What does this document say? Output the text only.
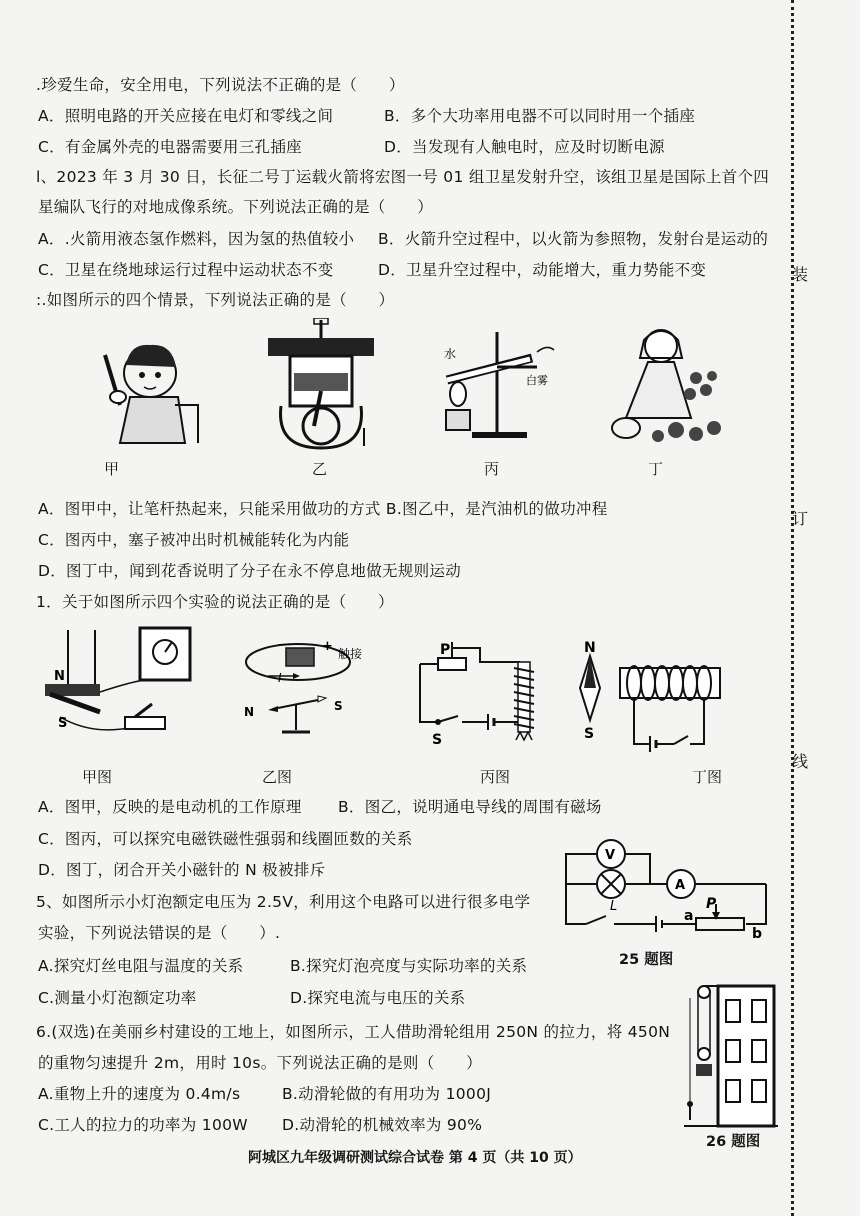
装
订
线
.珍爱生命，安全用电，下列说法不正确的是（　　）
A．照明电路的开关应接在电灯和零线之间	B．多个大功率用电器不可以同时用一个插座
C．有金属外壳的电器需要用三孔插座	D．当发现有人触电时，应及时切断电源
l、2023 年 3 月 30 日，长征二号丁运载火箭将宏图一号 01 组卫星发射升空，该组卫星是国际上首个四
星编队飞行的对地成像系统。下列说法正确的是（　　）
A．.火箭用液态氢作燃料，因为氢的热值较小 B．火箭升空过程中，以火箭为参照物，发射台是运动的
C．卫星在绕地球运行过程中运动状态不变	D．卫星升空过程中，动能增大，重力势能不变
:.如图所示的四个情景，下列说法正确的是（　　）
水
白雾
甲	乙	丙	丁
A．图甲中，让笔杆热起来，只能采用做功的方式 B.图乙中，是汽油机的做功冲程
C．图丙中，塞子被冲出时机械能转化为内能
D．图丁中，闻到花香说明了分子在永不停息地做无规则运动
1．关于如图所示四个实验的说法正确的是（　　）
N
S
— + 触接
I
N	S
P
S
N
S
甲图	乙图	丙图	丁图
A．图甲，反映的是电动机的工作原理 B．图乙，说明通电导线的周围有磁场
C．图丙，可以探究电磁铁磁性强弱和线圈匝数的关系
D．图丁，闭合开关小磁针的 N 极被排斥
5、如图所示小灯泡额定电压为 2.5V，利用这个电路可以进行很多电学
实验，下列说法错误的是（　　）.
A.探究灯丝电阻与温度的关系	B.探究灯泡亮度与实际功率的关系
C.测量小灯泡额定功率	D.探究电流与电压的关系
V
A
L	P
a
b
25 题图
6.(双选)在美丽乡村建设的工地上，如图所示，工人借助滑轮组用 250N 的拉力，将 450N
的重物匀速提升 2m，用时 10s。下列说法正确的是则（　　）
A.重物上升的速度为 0.4m/s	B.动滑轮做的有用功为 1000J
C.工人的拉力的功率为 100W D.动滑轮的机械效率为 90%
26 题图
阿城区九年级调研测试综合试卷 第 4 页（共 10 页）
